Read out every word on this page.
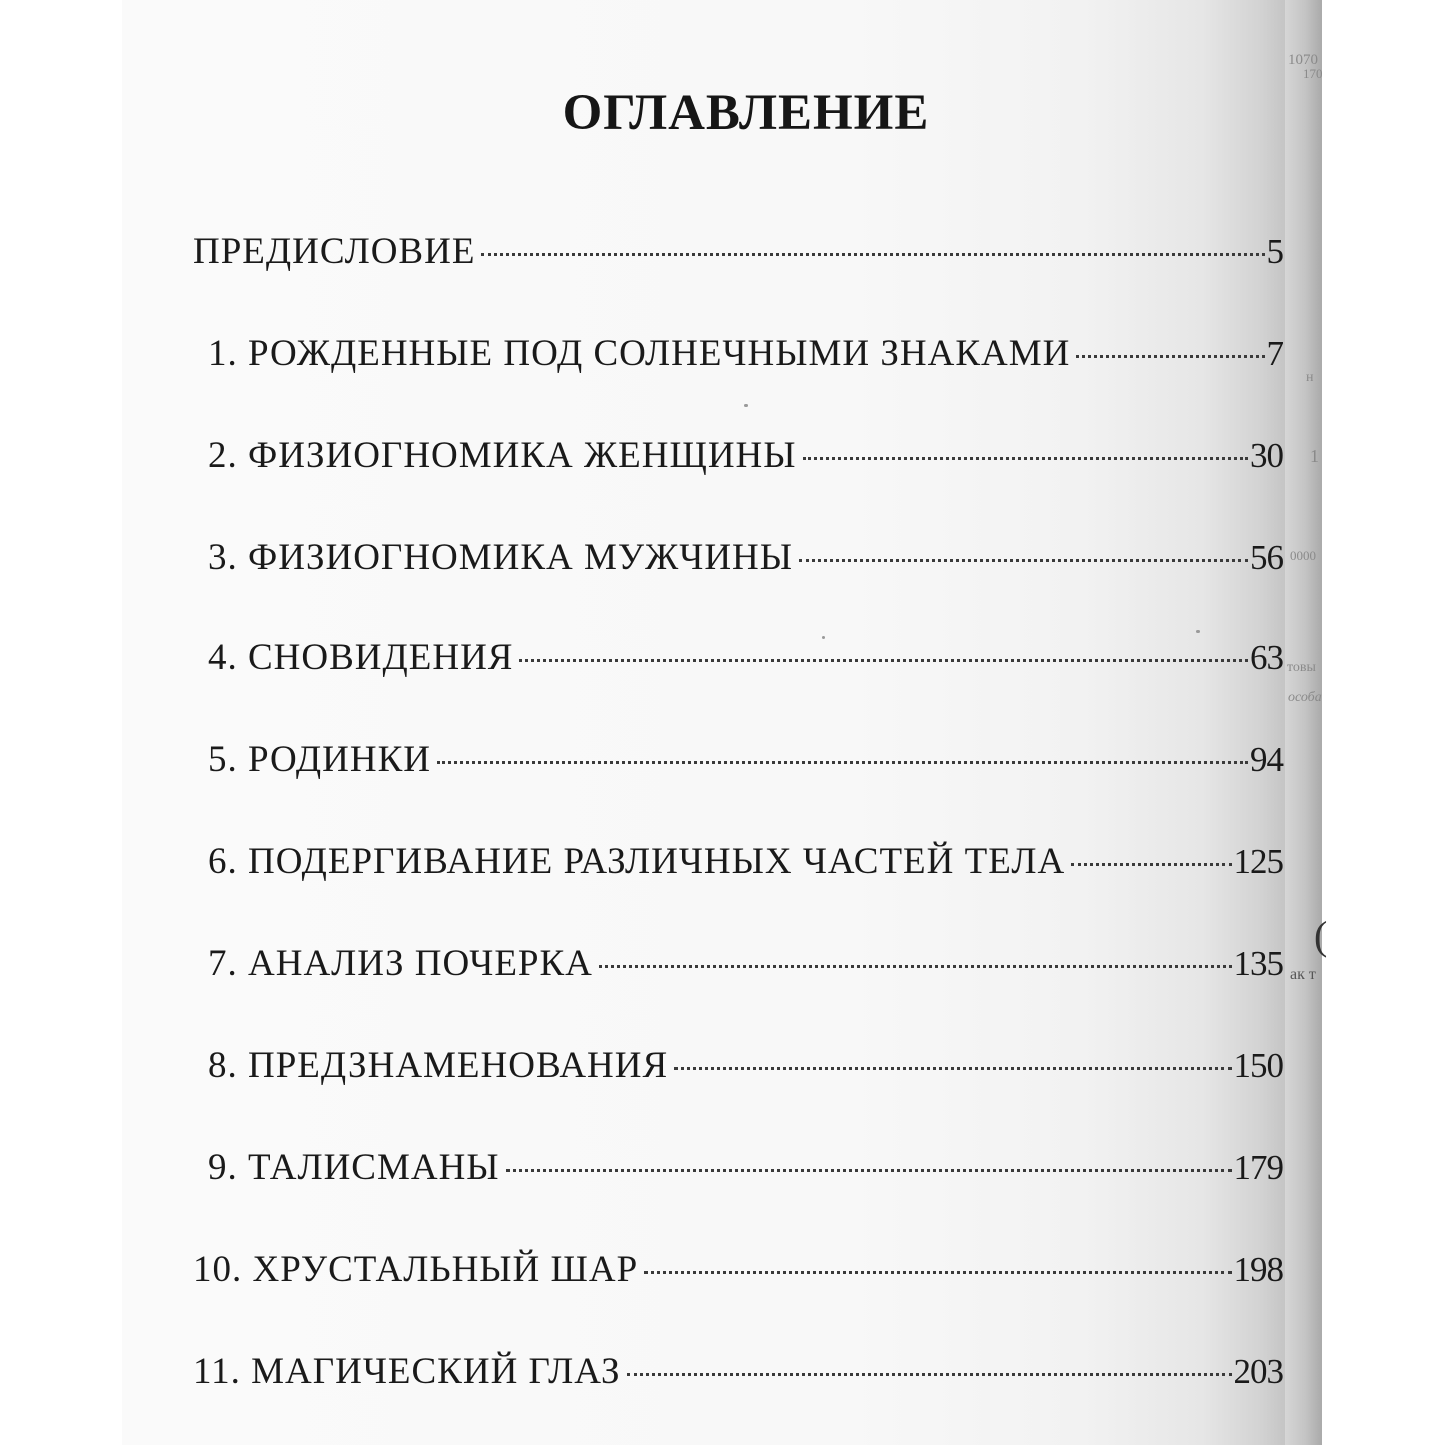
1070
170
н
1
0000
товы
особа
(
ак т
ОГЛАВЛЕНИЕ
ПРЕДИСЛОВИЕ	5
1. РОЖДЕННЫЕ ПОД СОЛНЕЧНЫМИ ЗНАКАМИ	7
2. ФИЗИОГНОМИКА ЖЕНЩИНЫ	30
3. ФИЗИОГНОМИКА МУЖЧИНЫ	56
4. СНОВИДЕНИЯ	63
5. РОДИНКИ	94
6. ПОДЕРГИВАНИЕ РАЗЛИЧНЫХ ЧАСТЕЙ ТЕЛА	125
7. АНАЛИЗ ПОЧЕРКА	135
8. ПРЕДЗНАМЕНОВАНИЯ	150
9. ТАЛИСМАНЫ	179
10. ХРУСТАЛЬНЫЙ ШАР	198
11. МАГИЧЕСКИЙ ГЛАЗ	203
